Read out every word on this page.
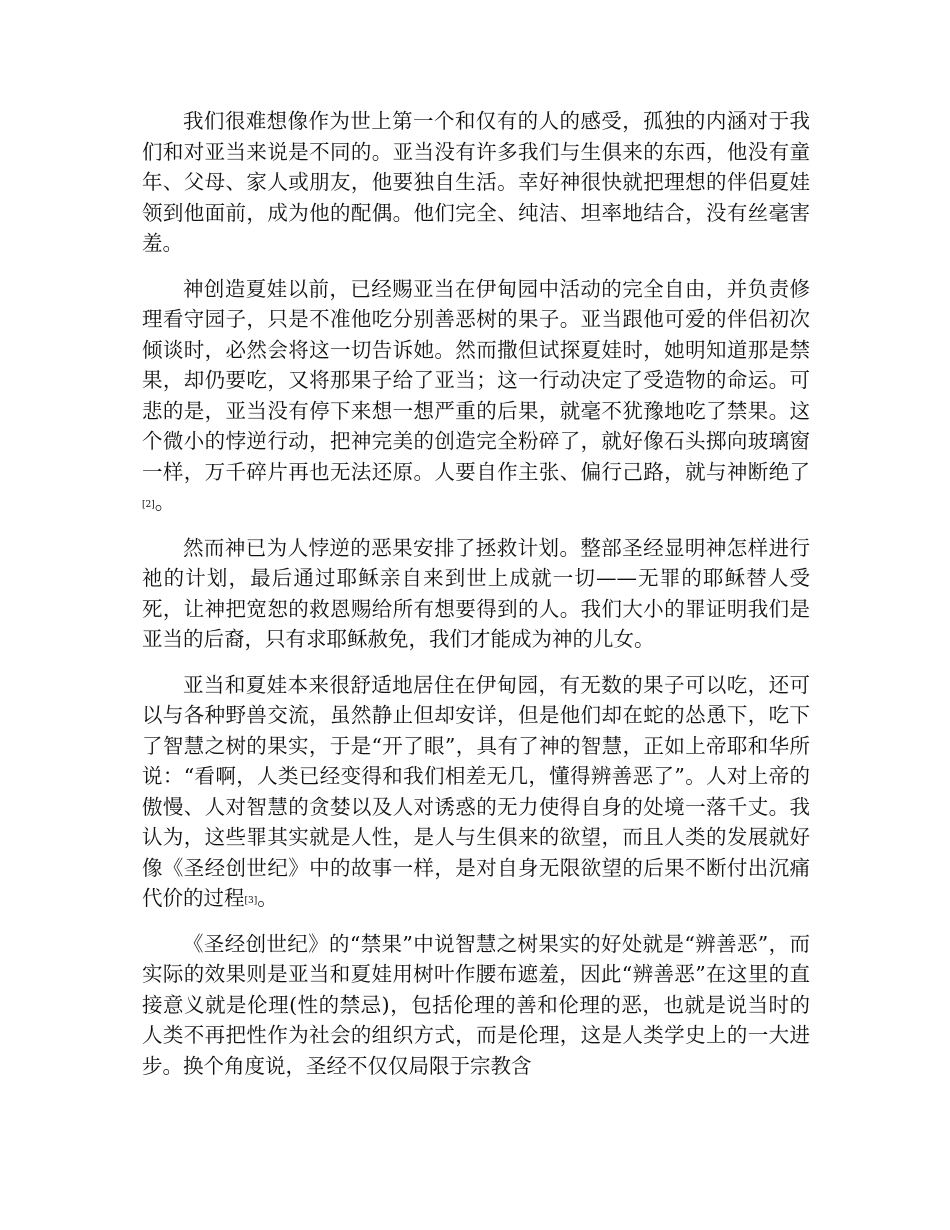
我们很难想像作为世上第一个和仅有的人的感受，孤独的内涵对于我们和对亚当来说是不同的。亚当没有许多我们与生俱来的东西，他没有童年、父母、家人或朋友，他要独自生活。幸好神很快就把理想的伴侣夏娃领到他面前，成为他的配偶。他们完全、纯洁、坦率地结合，没有丝毫害羞。

神创造夏娃以前，已经赐亚当在伊甸园中活动的完全自由，并负责修理看守园子，只是不准他吃分别善恶树的果子。亚当跟他可爱的伴侣初次倾谈时，必然会将这一切告诉她。然而撒但试探夏娃时，她明知道那是禁果，却仍要吃，又将那果子给了亚当；这一行动决定了受造物的命运。可悲的是，亚当没有停下来想一想严重的后果，就毫不犹豫地吃了禁果。这个微小的悖逆行动，把神完美的创造完全粉碎了，就好像石头掷向玻璃窗一样，万千碎片再也无法还原。人要自作主张、偏行己路，就与神断绝了[2]。

然而神已为人悖逆的恶果安排了拯救计划。整部圣经显明神怎样进行祂的计划，最后通过耶稣亲自来到世上成就一切——无罪的耶稣替人受死，让神把宽恕的救恩赐给所有想要得到的人。我们大小的罪证明我们是亚当的后裔，只有求耶稣赦免，我们才能成为神的儿女。

亚当和夏娃本来很舒适地居住在伊甸园，有无数的果子可以吃，还可以与各种野兽交流，虽然静止但却安详，但是他们却在蛇的怂恿下，吃下了智慧之树的果实，于是“开了眼”，具有了神的智慧，正如上帝耶和华所说：“看啊，人类已经变得和我们相差无几，懂得辨善恶了”。人对上帝的傲慢、人对智慧的贪婪以及人对诱惑的无力使得自身的处境一落千丈。我认为，这些罪其实就是人性，是人与生俱来的欲望，而且人类的发展就好像《圣经创世纪》中的故事一样，是对自身无限欲望的后果不断付出沉痛代价的过程[3]。

《圣经创世纪》的“禁果”中说智慧之树果实的好处就是“辨善恶”，而实际的效果则是亚当和夏娃用树叶作腰布遮羞，因此“辨善恶”在这里的直接意义就是伦理(性的禁忌)，包括伦理的善和伦理的恶，也就是说当时的人类不再把性作为社会的组织方式，而是伦理，这是人类学史上的一大进步。换个角度说，圣经不仅仅局限于宗教含
